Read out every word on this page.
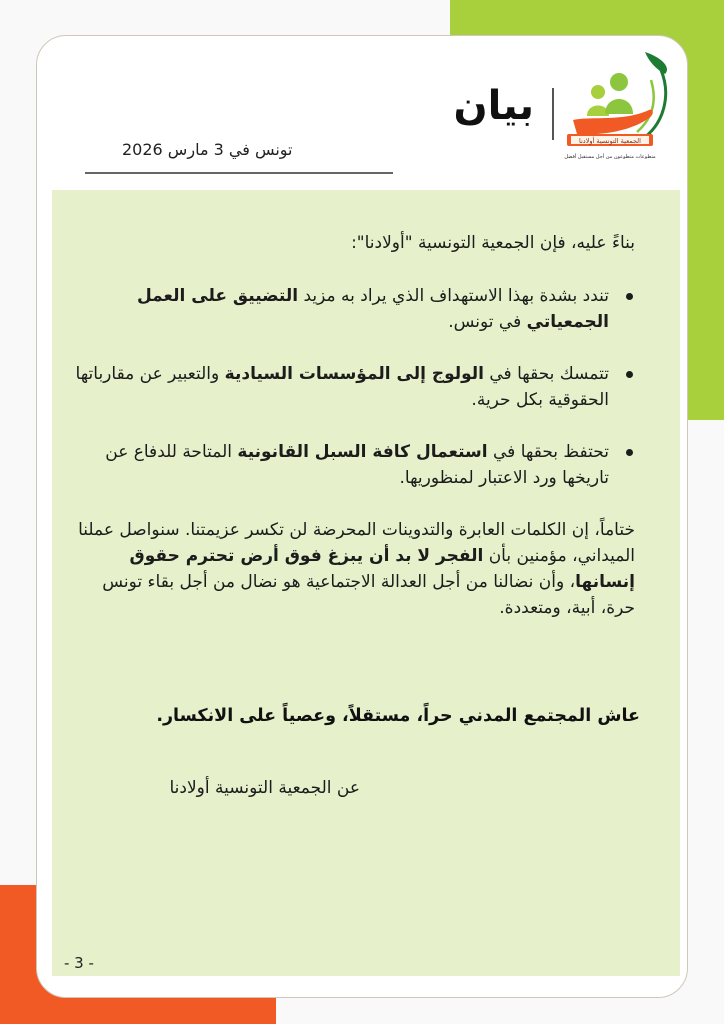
الجمعية التونسية أولادنا
متطوعات متطوعون من أجل مستقبل أفضل
بيان
تونس في 3 مارس 2026

بناءً عليه، فإن الجمعية التونسية "أولادنا":

تندد بشدة بهذا الاستهداف الذي يراد به مزيد التضييق على العمل الجمعياتي في تونس.
تتمسك بحقها في الولوج إلى المؤسسات السيادية والتعبير عن مقارباتها الحقوقية بكل حرية.
تحتفظ بحقها في استعمال كافة السبل القانونية المتاحة للدفاع عن تاريخها ورد الاعتبار لمنظوريها.

ختاماً، إن الكلمات العابرة والتدوينات المحرضة لن تكسر عزيمتنا. سنواصل عملنا الميداني، مؤمنين بأن الفجر لا بد أن يبزغ فوق أرض تحترم حقوق إنسانها، وأن نضالنا من أجل العدالة الاجتماعية هو نضال من أجل بقاء تونس حرة، أبية، ومتعددة.

عاش المجتمع المدني حراً، مستقلاً، وعصياً على الانكسار.
عن الجمعية التونسية أولادنا
- 3 -
